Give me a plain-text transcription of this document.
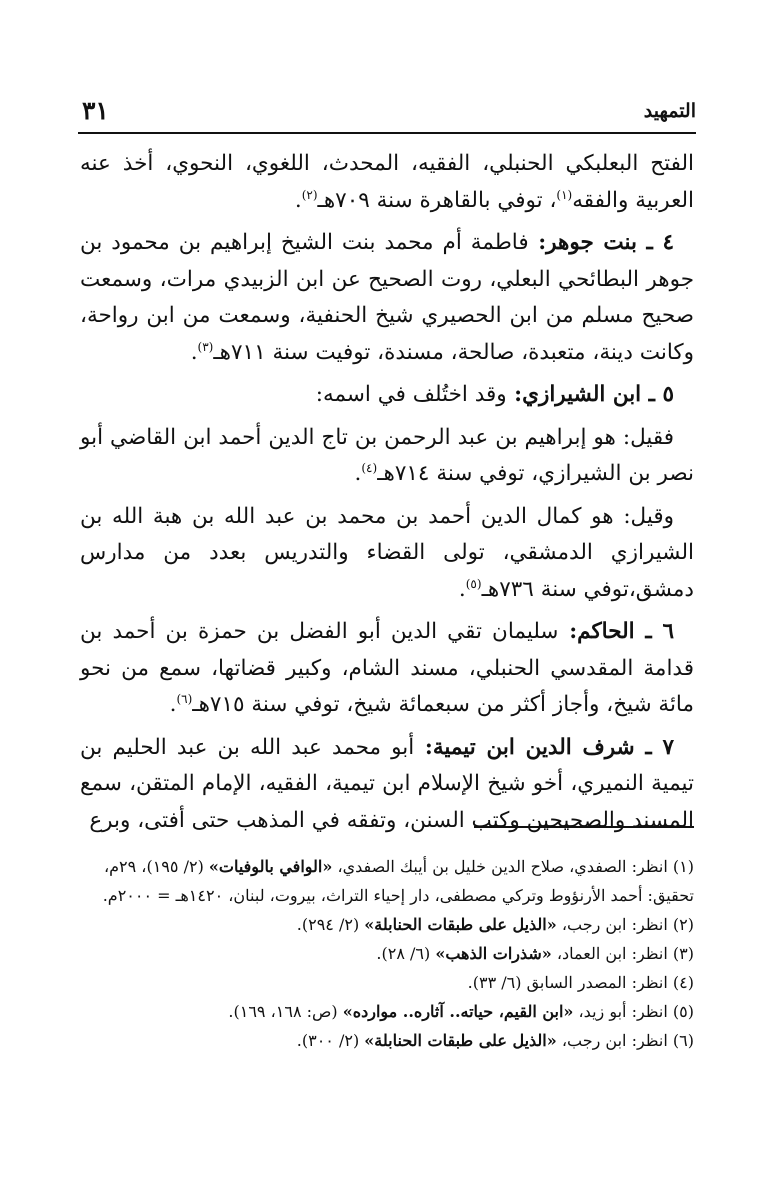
التمهيد
٣١

الفتح البعلبكي الحنبلي، الفقيه، المحدث، اللغوي، النحوي، أخذ عنه العربية والفقه$^{(١)}$، توفي بالقاهرة سنة ٧٠٩هـ$^{(٢)}$.

٤ ـ بنت جوهر: فاطمة أم محمد بنت الشيخ إبراهيم بن محمود بن جوهر البطائحي البعلي، روت الصحيح عن ابن الزبيدي مرات، وسمعت صحيح مسلم من ابن الحصيري شيخ الحنفية، وسمعت من ابن رواحة، وكانت دينة، متعبدة، صالحة، مسندة، توفيت سنة ٧١١هـ$^{(٣)}$.

٥ ـ ابن الشيرازي: وقد اختُلف في اسمه:

فقيل: هو إبراهيم بن عبد الرحمن بن تاج الدين أحمد ابن القاضي أبو نصر بن الشيرازي، توفي سنة ٧١٤هـ$^{(٤)}$.

وقيل: هو كمال الدين أحمد بن محمد بن عبد الله بن هبة الله بن الشيرازي الدمشقي، تولى القضاء والتدريس بعدد من مدارس دمشق،توفي سنة ٧٣٦هـ$^{(٥)}$.

٦ ـ الحاكم: سليمان تقي الدين أبو الفضل بن حمزة بن أحمد بن قدامة المقدسي الحنبلي، مسند الشام، وكبير قضاتها، سمع من نحو مائة شيخ، وأجاز أكثر من سبعمائة شيخ، توفي سنة ٧١٥هـ$^{(٦)}$.

٧ ـ شرف الدين ابن تيمية: أبو محمد عبد الله بن عبد الحليم بن تيمية النميري، أخو شيخ الإسلام ابن تيمية، الفقيه، الإمام المتقن، سمع المسند والصحيحين وكتب السنن، وتفقه في المذهب حتى أفتى، وبرع

(١) انظر: الصفدي، صلاح الدين خليل بن أيبك الصفدي، «الوافي بالوفيات» (٢/ ١٩٥)، ٢٩م، تحقيق: أحمد الأرنؤوط وتركي مصطفى، دار إحياء التراث، بيروت، لبنان، ١٤٢٠هـ = ٢٠٠٠م.

(٢) انظر: ابن رجب، «الذيل على طبقات الحنابلة» (٢/ ٢٩٤).

(٣) انظر: ابن العماد، «شذرات الذهب» (٦/ ٢٨).

(٤) انظر: المصدر السابق (٦/ ٣٣).

(٥) انظر: أبو زيد، «ابن القيم، حياته.. آثاره.. موارده» (ص: ١٦٨، ١٦٩).

(٦) انظر: ابن رجب، «الذيل على طبقات الحنابلة» (٢/ ٣٠٠).
